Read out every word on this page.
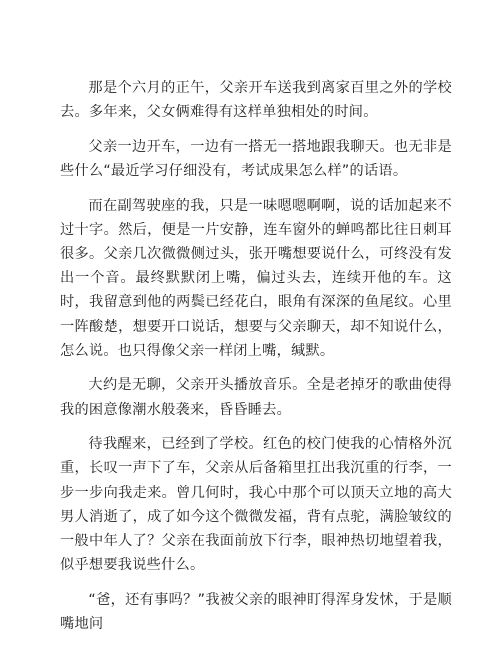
那是个六月的正午，父亲开车送我到离家百里之外的学校去。多年来，父女俩难得有这样单独相处的时间。

父亲一边开车，一边有一搭无一搭地跟我聊天。也无非是些什么“最近学习仔细没有，考试成果怎么样”的话语。

而在副驾驶座的我，只是一味嗯嗯啊啊，说的话加起来不过十字。然后，便是一片安静，连车窗外的蝉鸣都比往日刺耳很多。父亲几次微微侧过头，张开嘴想要说什么，可终没有发出一个音。最终默默闭上嘴，偏过头去，连续开他的车。这时，我留意到他的两鬓已经花白，眼角有深深的鱼尾纹。心里一阵酸楚，想要开口说话，想要与父亲聊天，却不知说什么，怎么说。也只得像父亲一样闭上嘴，缄默。

大约是无聊，父亲开头播放音乐。全是老掉牙的歌曲使得我的困意像潮水般袭来，昏昏睡去。

待我醒来，已经到了学校。红色的校门使我的心情格外沉重，长叹一声下了车，父亲从后备箱里扛出我沉重的行李，一步一步向我走来。曾几何时，我心中那个可以顶天立地的高大男人消逝了，成了如今这个微微发福，背有点驼，满脸皱纹的一般中年人了？父亲在我面前放下行李，眼神热切地望着我，似乎想要我说些什么。

“爸，还有事吗？”我被父亲的眼神盯得浑身发怵，于是顺嘴地问
